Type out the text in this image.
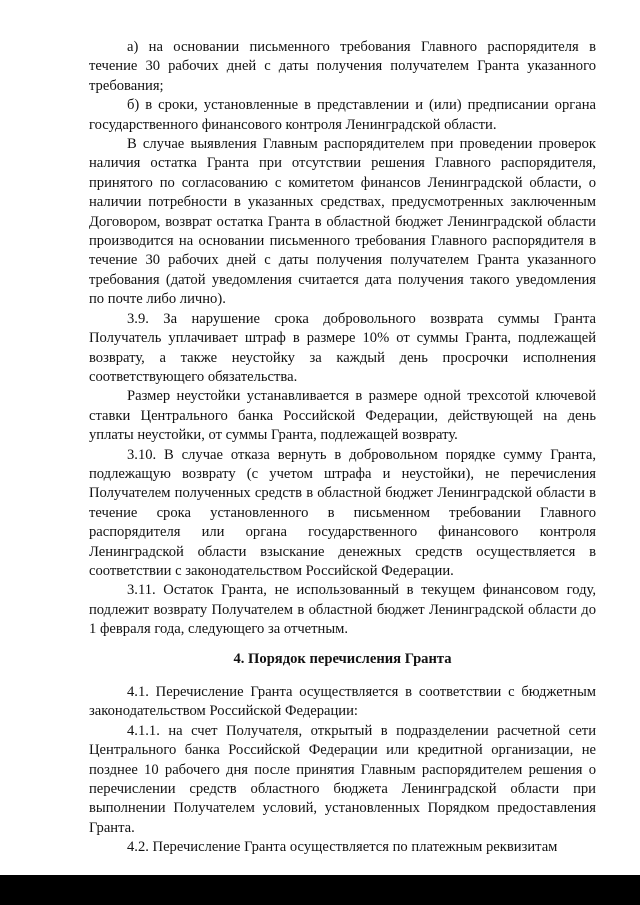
а) на основании письменного требования Главного распорядителя в течение 30 рабочих дней с даты получения получателем Гранта указанного требования;

б) в сроки, установленные в представлении и (или) предписании органа государственного финансового контроля Ленинградской области.

В случае выявления Главным распорядителем при проведении проверок наличия остатка Гранта при отсутствии решения Главного распорядителя, принятого по согласованию с комитетом финансов Ленинградской области, о наличии потребности в указанных средствах, предусмотренных заключенным Договором, возврат остатка Гранта в областной бюджет Ленинградской области производится на основании письменного требования Главного распорядителя в течение 30 рабочих дней с даты получения получателем Гранта указанного требования (датой уведомления считается дата получения такого уведомления по почте либо лично).

3.9. За нарушение срока добровольного возврата суммы Гранта Получатель уплачивает штраф в размере 10% от суммы Гранта, подлежащей возврату, а также неустойку за каждый день просрочки исполнения соответствующего обязательства.

Размер неустойки устанавливается в размере одной трехсотой ключевой ставки Центрального банка Российской Федерации, действующей на день уплаты неустойки, от суммы Гранта, подлежащей возврату.

3.10. В случае отказа вернуть в добровольном порядке сумму Гранта, подлежащую возврату (с учетом штрафа и неустойки), не перечисления Получателем полученных средств в областной бюджет Ленинградской области в течение срока установленного в письменном требовании Главного распорядителя или органа государственного финансового контроля Ленинградской области взыскание денежных средств осуществляется в соответствии с законодательством Российской Федерации.

3.11. Остаток Гранта, не использованный в текущем финансовом году, подлежит возврату Получателем в областной бюджет Ленинградской области до 1 февраля года, следующего за отчетным.

4. Порядок перечисления Гранта

4.1. Перечисление Гранта осуществляется в соответствии с бюджетным законодательством Российской Федерации:

4.1.1. на счет Получателя, открытый в подразделении расчетной сети Центрального банка Российской Федерации или кредитной организации, не позднее 10 рабочего дня после принятия Главным распорядителем решения о перечислении средств областного бюджета Ленинградской области при выполнении Получателем условий, установленных Порядком предоставления Гранта.

4.2. Перечисление Гранта осуществляется по платежным реквизитам
